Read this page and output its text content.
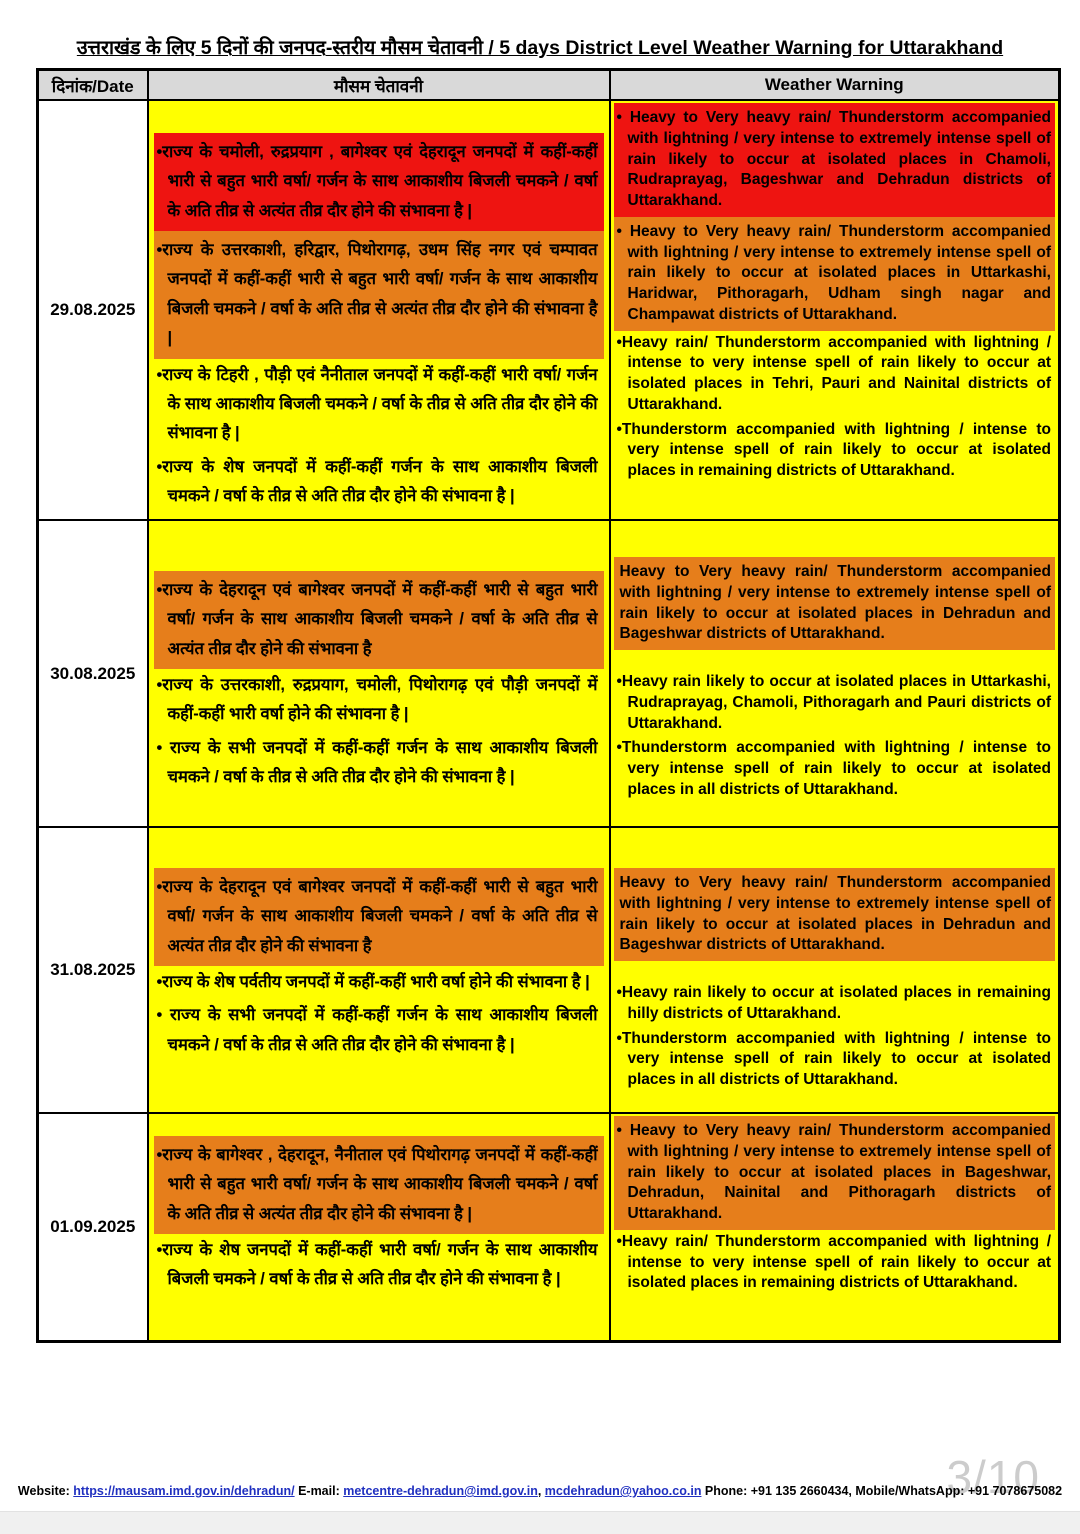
उत्तराखंड के लिए 5 दिनों की जनपद-स्तरीय मौसम चेतावनी / 5 days District Level Weather Warning for Uttarakhand
दिनांक/Date	मौसम चेतावनी	Weather Warning
29.08.2025	

•राज्य के चमोली, रुद्रप्रयाग , बागेश्वर एवं देहरादून जनपदों में कहीं-कहीं भारी से बहुत भारी वर्षा/ गर्जन के साथ आकाशीय बिजली चमकने / वर्षा के अति तीव्र से अत्यंत तीव्र दौर होने की संभावना है |

•राज्य के उत्तरकाशी, हरिद्वार, पिथोरागढ़, उधम सिंह नगर एवं चम्पावत जनपदों में कहीं-कहीं भारी से बहुत भारी वर्षा/ गर्जन के साथ आकाशीय बिजली चमकने / वर्षा के अति तीव्र से अत्यंत तीव्र दौर होने की संभावना है |

•राज्य के टिहरी , पौड़ी एवं नैनीताल जनपदों में कहीं-कहीं भारी वर्षा/ गर्जन के साथ आकाशीय बिजली चमकने / वर्षा के तीव्र से अति तीव्र दौर होने की संभावना है |

•राज्य के शेष जनपदों में कहीं-कहीं गर्जन के साथ आकाशीय बिजली चमकने / वर्षा के तीव्र से अति तीव्र दौर होने की संभावना है |

• Heavy to Very heavy rain/ Thunderstorm accompanied with lightning / very intense to extremely intense spell of rain likely to occur at isolated places in Chamoli, Rudraprayag, Bageshwar and Dehradun districts of Uttarakhand.

• Heavy to Very heavy rain/ Thunderstorm accompanied with lightning / very intense to extremely intense spell of rain likely to occur at isolated places in Uttarkashi, Haridwar, Pithoragarh, Udham singh nagar and Champawat districts of Uttarakhand.

•Heavy rain/ Thunderstorm accompanied with lightning / intense to very intense spell of rain likely to occur at isolated places in Tehri, Pauri and Nainital districts of Uttarakhand.

•Thunderstorm accompanied with lightning / intense to very intense spell of rain likely to occur at isolated places in remaining districts of Uttarakhand.

30.08.2025	

•राज्य के देहरादून एवं बागेश्वर जनपदों में कहीं-कहीं भारी से बहुत भारी वर्षा/ गर्जन के साथ आकाशीय बिजली चमकने / वर्षा के अति तीव्र से अत्यंत तीव्र दौर होने की संभावना है

•राज्य के उत्तरकाशी, रुद्रप्रयाग, चमोली, पिथोरागढ़ एवं पौड़ी जनपदों में कहीं-कहीं भारी वर्षा होने की संभावना है |

• राज्य के सभी जनपदों में कहीं-कहीं गर्जन के साथ आकाशीय बिजली चमकने / वर्षा के तीव्र से अति तीव्र दौर होने की संभावना है |

Heavy to Very heavy rain/ Thunderstorm accompanied with lightning / very intense to extremely intense spell of rain likely to occur at isolated places in Dehradun and Bageshwar districts of Uttarakhand.

•Heavy rain likely to occur at isolated places in Uttarkashi, Rudraprayag, Chamoli, Pithoragarh and Pauri districts of Uttarakhand.

•Thunderstorm accompanied with lightning / intense to very intense spell of rain likely to occur at isolated places in all districts of Uttarakhand.

31.08.2025	

•राज्य के देहरादून एवं बागेश्वर जनपदों में कहीं-कहीं भारी से बहुत भारी वर्षा/ गर्जन के साथ आकाशीय बिजली चमकने / वर्षा के अति तीव्र से अत्यंत तीव्र दौर होने की संभावना है

•राज्य के शेष पर्वतीय जनपदों में कहीं-कहीं भारी वर्षा होने की संभावना है |

• राज्य के सभी जनपदों में कहीं-कहीं गर्जन के साथ आकाशीय बिजली चमकने / वर्षा के तीव्र से अति तीव्र दौर होने की संभावना है |

Heavy to Very heavy rain/ Thunderstorm accompanied with lightning / very intense to extremely intense spell of rain likely to occur at isolated places in Dehradun and Bageshwar districts of Uttarakhand.

•Heavy rain likely to occur at isolated places in remaining hilly districts of Uttarakhand.

•Thunderstorm accompanied with lightning / intense to very intense spell of rain likely to occur at isolated places in all districts of Uttarakhand.

01.09.2025	

•राज्य के बागेश्वर , देहरादून, नैनीताल एवं पिथोरागढ़ जनपदों में कहीं-कहीं भारी से बहुत भारी वर्षा/ गर्जन के साथ आकाशीय बिजली चमकने / वर्षा के अति तीव्र से अत्यंत तीव्र दौर होने की संभावना है |

•राज्य के शेष जनपदों में कहीं-कहीं भारी वर्षा/ गर्जन के साथ आकाशीय बिजली चमकने / वर्षा के तीव्र से अति तीव्र दौर होने की संभावना है |

• Heavy to Very heavy rain/ Thunderstorm accompanied with lightning / very intense to extremely intense spell of rain likely to occur at isolated places in Bageshwar, Dehradun, Nainital and Pithoragarh districts of Uttarakhand.

•Heavy rain/ Thunderstorm accompanied with lightning / intense to very intense spell of rain likely to occur at isolated places in remaining districts of Uttarakhand.

3/10
Website: https://mausam.imd.gov.in/dehradun/ E-mail: metcentre-dehradun@imd.gov.in, mcdehradun@yahoo.co.in Phone: +91 135 2660434, Mobile/WhatsApp: +91 7078675082
